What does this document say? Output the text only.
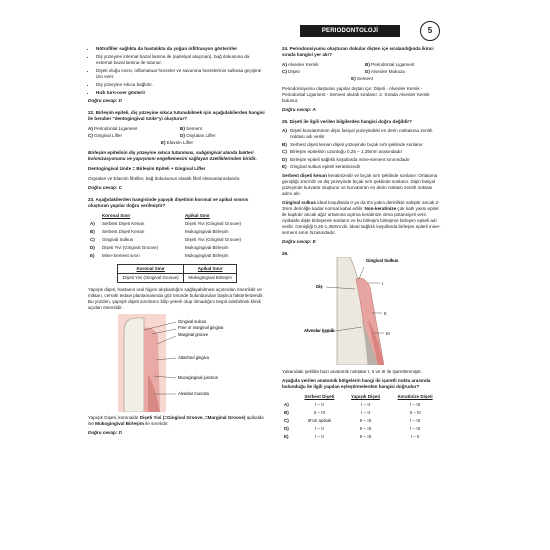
PERIODONTOLOJİ	5
• Nötrofiller sağlıkta da hastalıkta da yoğun infiltrasyon gösterirler
• Diş yüzeyine internal bazal lamina ile (epitelyal ataçman), bağ dokusuna da external bazal lamina ile tutunur.
• Dişeti oluğu sıvısı, inflamatuar hücreler ve savunma hücrelerinin sulkusa geçişine izin verir.
• Diş yüzeyine sıkıca bağlıdır.
• Hızlı turn-over gösterir
Doğru cevap: D
22. Birleşim epiteli, diş yüzeyine sıkıca tutunabilmek için aşağıdakilerden hangisi ile beraber "dentogingival ünite"yi oluşturur?
A) Periodontal Ligament	B) Sement
C) Gingival Lifler	D) Oxytalan Lifler
E) Elavnin Lifler
Birleşim epitelinin diş yüzeyine sıkıca tutunması, subgingival alanda bakteri kolonizasyonunu ve yapışımını engellemesini sağlayan özelliklerinden biridir.
Dentogingival Ünite = Birleşim Epiteli + Gingival Lifler
Oxytalan ve Elavnin fibriller, bağ dokusunun elastik fibril elemanlarındandır.
Doğru cevap: C
23. Aşağıdakilerden hangisinde yapışık dişetinin koronal ve apikal sınırını oluşturan yapılar doğru verilmiştir?
	Koronal Sınır	Apikal Sınır
A)	Serbest Dişeti Kenarı	Dişeti Yivi (Gingival Groove)
B)	Serbest Dişeti Kenarı	Mukogingival Birleşim
C)	Gingival Sulkus	Dişeti Yivi (Gingival Groove)
D)	Dişeti Yivi (Gingival Groove)	Mukogingival Birleşim
E)	Mine-Sement sınırı	Mukogingival Birleşim
Koronal Sınır	Apikal Sınır
Dişeti Yivi (Gingival Groove)	Mukogingival Birleşim
Yapışık dişeti, hastanın oral hijyen alışkanlığını sağlayabilmesi açısından önemlidir ve miktarı, cerrahi tedavi planlamasında göz önünde bulundurulan başlıca faktörlerdendir. Bu yüzden, yapışık dişeti sınırlarını bilip yeterli olup olmadığını tespit edebilmek klinik açıdan önemlidir.
Gingival sulcus
Free or marginal gingiva
Marginal groove
Attached gingiva
Mucogingival junction
Alveolar mucosa
Yapışık Dişeti, koronalde Dişeti Yivi (=Gingival Groove, =Marginal Groove) apikalde ise Mukogingival Birleşim ile sınırlıdır.
Doğru cevap: D
24. Periodonsiyumu oluşturan dokular dişten içe sıralandığında ikinci sırada hangisi yer alır?
A) Alveoler Kemik	B) Periodontal Ligament
C) Dişeti	D) Alveoler Mukoza
E) Sement
Periodonsiyumu oluşturan yapılar dıştan içe: Dişeti - Alveoler Kemik - Periodontal Ligament - Sement olarak sıralanır. 2. Sırada Alveoler Kemik bulunur.
Doğru cevap: A
25. Dişeti ile ilgili verilen bilgilerden hangisi doğru değildir?
A) Dişeti kurvatürünün dişin fasiyal yüzeyindeki en derin noktasına zenith noktası adı verilir
B) Serbest dişeti kenarı dişeti yüzeyinde bıçak sırtı şeklinde sonlanır
C) Birleşim epitelinin uzunluğu 0,25 – 1,35mm arasındadır
D) Birleşim epiteli sağlıklı koşullarda mine-sement sınırındadır
E) Gingival sulkus epiteli keratinizedir
Serbest dişeti kenarı keratinizedir ve bıçak sırtı şeklinde sonlanır. Ortalama genişliği 1mm'dir ve diş yüzeyinde bıçak sırtı şeklinde sonlanır. Dişin fasiyal yüzeyinde kurvatür oluşturur ve kurvatürün en derin noktası zenith noktası adını alır.
Gingival sulkus ideal koşullarda 0 ya da 0'a yakın derinlikte sahiptir ancak 2-3mm derinliğe kadar normal kabul edilir. Non-keratinize çok katlı yassı epitel ile kaplıdır ancak ağız ortamına açılma keratinize olma potansiyeli verir. Apikalde dişte birleşerek sonlanır ve bu birleşim birleşime birleşim epiteli adı verilir. Genişliği 0,25-1,35mm'dir. İdeal sağlıklı koşullarda birleşim epiteli mine-sement sınırı hizasındadır.
Doğru cevap: E
26.
Gingival Sulkus
Diş
Alveolar kemik
I
II
III
Yukarıdaki şekilde bazı anatomik noktalar I, II ve III ile işaretlenmiştir.
Aşağıda verilen anatomik bölgelerin hangi iki işaretli nokta arasında bulunduğu ile ilgili yapılan eşleştirmelerden hangisi doğrudur?
	Serbest Dişeti	Yapışık Dişeti	Keratinize Dişeti
A)	I – II	I – II	I – III
B)	II – III	I – II	II – III
C)	III'ün apikali	II – III	I – III
D)	I – II	II – III	I – III
E)	I – II	II – III	I – II
